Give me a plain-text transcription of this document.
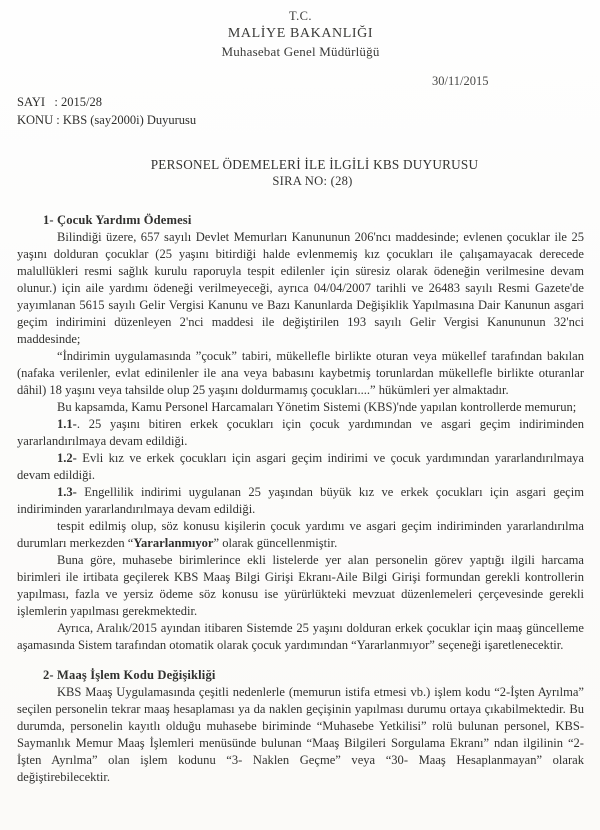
T.C.
MALİYE BAKANLIĞI
Muhasebat Genel Müdürlüğü
30/11/2015
SAYI   : 2015/28
KONU : KBS (say2000i) Duyurusu
PERSONEL ÖDEMELERİ İLE İLGİLİ KBS DUYURUSU
SIRA NO: (28)

1- Çocuk Yardımı Ödemesi

Bilindiği üzere, 657 sayılı Devlet Memurları Kanununun 206'ncı maddesinde; evlenen çocuklar ile 25 yaşını dolduran çocuklar (25 yaşını bitirdiği halde evlenmemiş kız çocukları ile çalışamayacak derecede malullükleri resmi sağlık kurulu raporuyla tespit edilenler için süresiz olarak ödeneğin verilmesine devam olunur.) için aile yardımı ödeneği verilmeyeceği, ayrıca 04/04/2007 tarihli ve 26483 sayılı Resmi Gazete'de yayımlanan 5615 sayılı Gelir Vergisi Kanunu ve Bazı Kanunlarda Değişiklik Yapılmasına Dair Kanunun asgari geçim indirimini düzenleyen 2'nci maddesi ile değiştirilen 193 sayılı Gelir Vergisi Kanununun 32'nci maddesinde;

“İndirimin uygulamasında ”çocuk” tabiri, mükellefle birlikte oturan veya mükellef tarafından bakılan (nafaka verilenler, evlat edinilenler ile ana veya babasını kaybetmiş torunlardan mükellefle birlikte oturanlar dâhil) 18 yaşını veya tahsilde olup 25 yaşını doldurmamış çocukları....” hükümleri yer almaktadır.

Bu kapsamda, Kamu Personel Harcamaları Yönetim Sistemi (KBS)'nde yapılan kontrollerde memurun;

1.1-. 25 yaşını bitiren erkek çocukları için çocuk yardımından ve asgari geçim indiriminden yararlandırılmaya devam edildiği.

1.2- Evli kız ve erkek çocukları için asgari geçim indirimi ve çocuk yardımından yararlandırılmaya devam edildiği.

1.3- Engellilik indirimi uygulanan 25 yaşından büyük kız ve erkek çocukları için asgari geçim indiriminden yararlandırılmaya devam edildiği.

tespit edilmiş olup, söz konusu kişilerin çocuk yardımı ve asgari geçim indiriminden yararlandırılma durumları merkezden “Yararlanmıyor” olarak güncellenmiştir.

Buna göre, muhasebe birimlerince ekli listelerde yer alan personelin görev yaptığı ilgili harcama birimleri ile irtibata geçilerek KBS Maaş Bilgi Girişi Ekranı-Aile Bilgi Girişi formundan gerekli kontrollerin yapılması, fazla ve yersiz ödeme söz konusu ise yürürlükteki mevzuat düzenlemeleri çerçevesinde gerekli işlemlerin yapılması gerekmektedir.

Ayrıca, Aralık/2015 ayından itibaren Sistemde 25 yaşını dolduran erkek çocuklar için maaş güncelleme aşamasında Sistem tarafından otomatik olarak çocuk yardımından “Yararlanmıyor” seçeneği işaretlenecektir.

2- Maaş İşlem Kodu Değişikliği

KBS Maaş Uygulamasında çeşitli nedenlerle (memurun istifa etmesi vb.) işlem kodu “2-İşten Ayrılma” seçilen personelin tekrar maaş hesaplaması ya da naklen geçişinin yapılması durumu ortaya çıkabilmektedir. Bu durumda, personelin kayıtlı olduğu muhasebe biriminde “Muhasebe Yetkilisi” rolü bulunan personel, KBS-Saymanlık Memur Maaş İşlemleri menüsünde bulunan “Maaş Bilgileri Sorgulama Ekranı” ndan ilgilinin “2-İşten Ayrılma” olan işlem kodunu “3- Naklen Geçme” veya “30- Maaş Hesaplanmayan” olarak değiştirebilecektir.
